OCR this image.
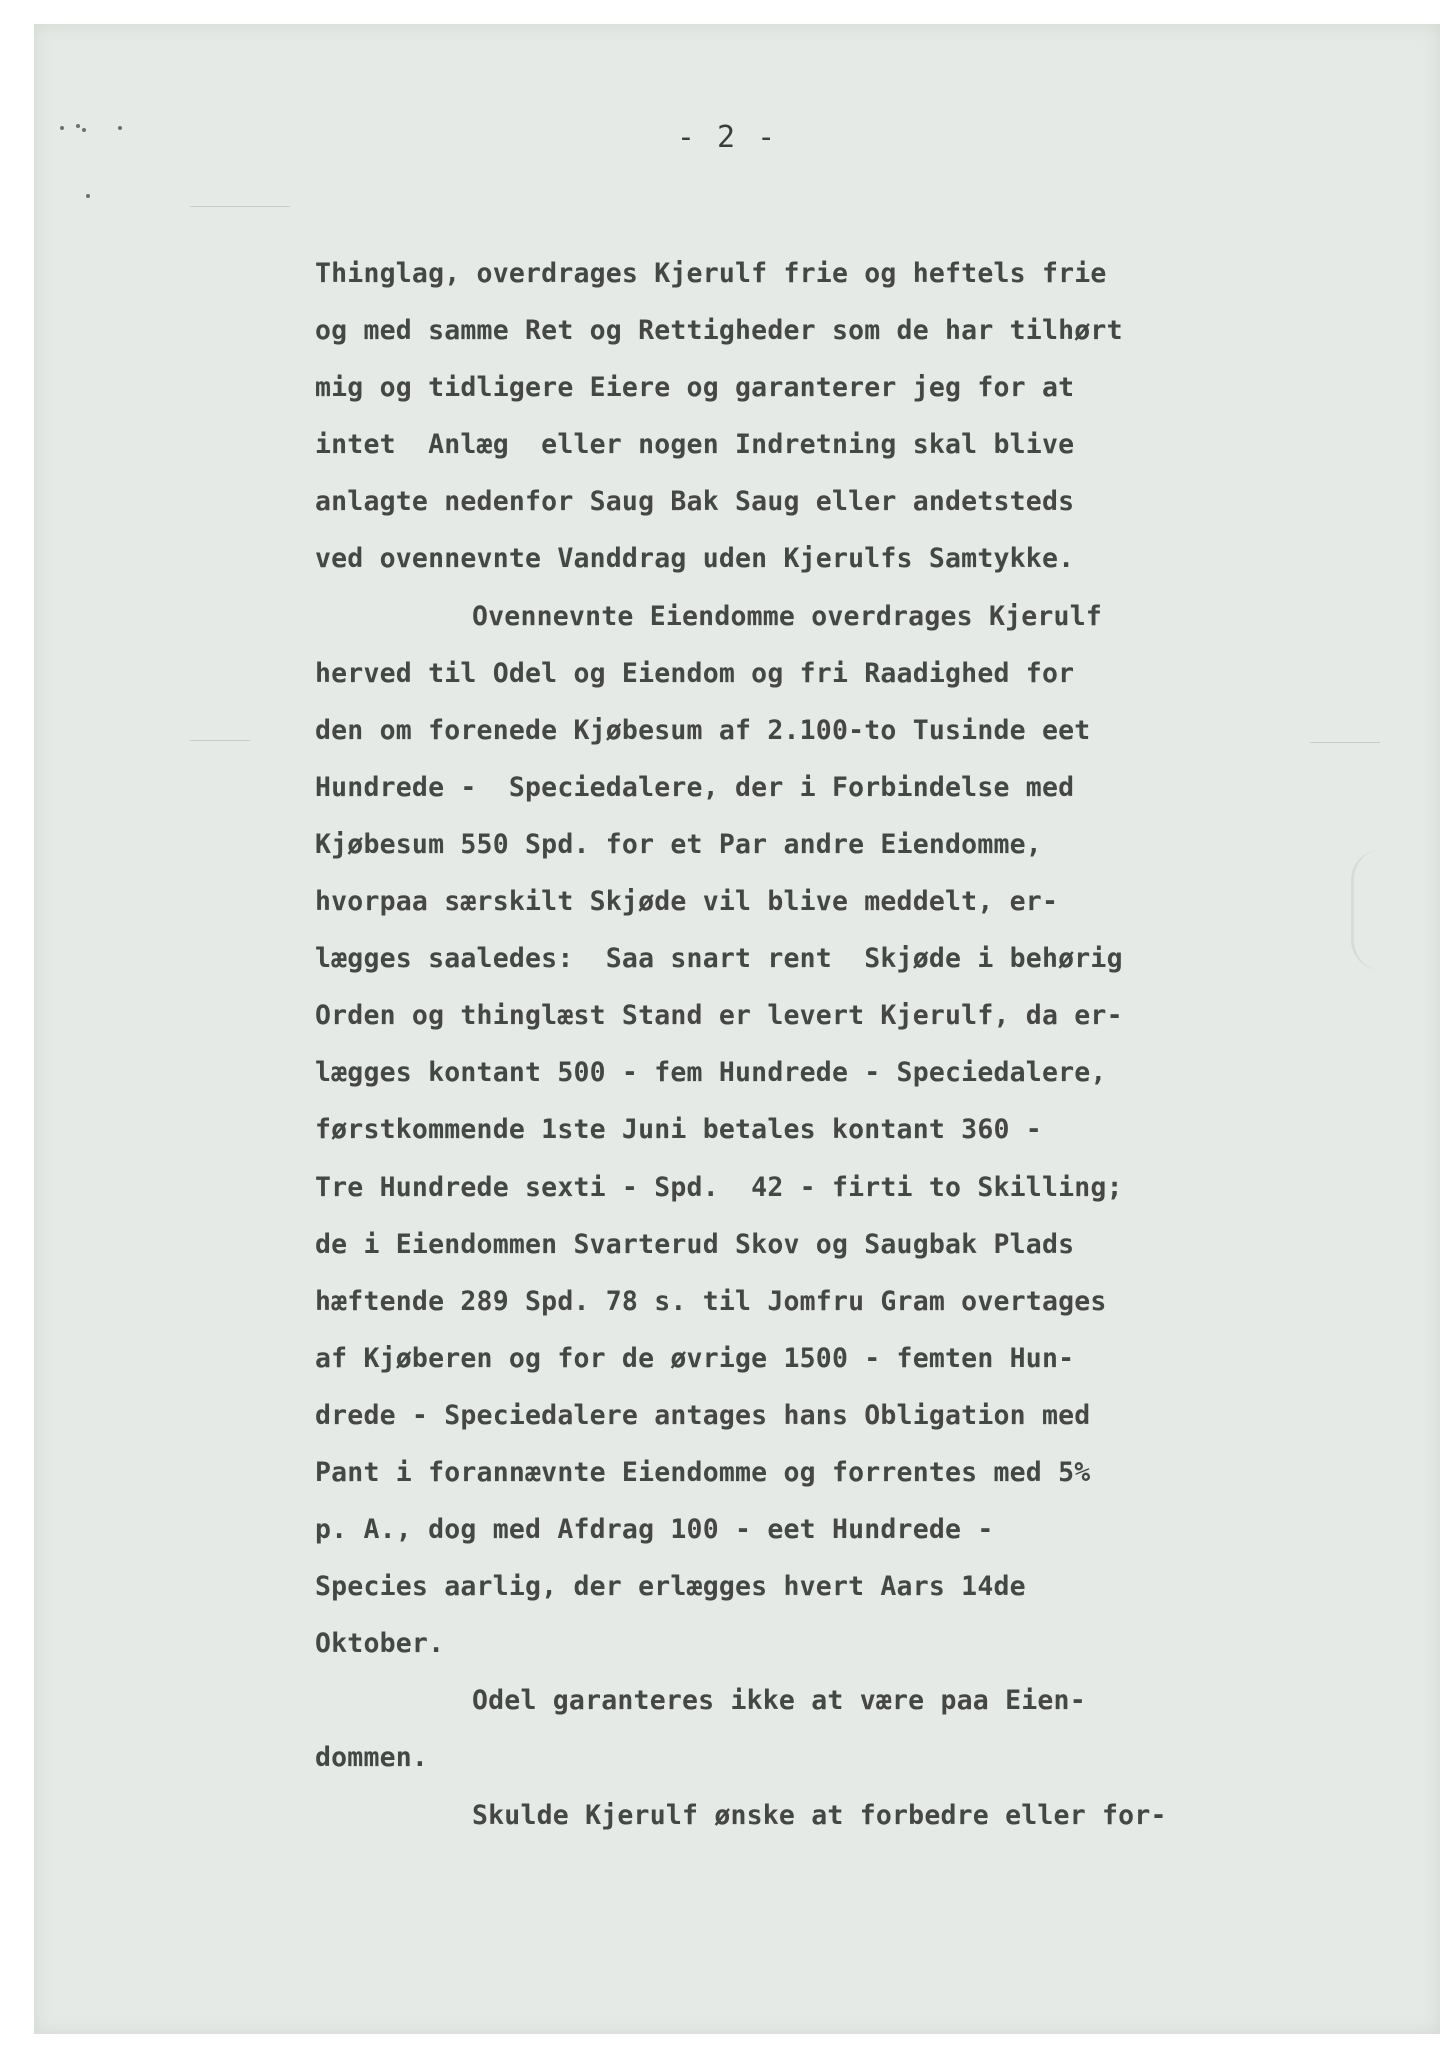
- 2 -
Thinglag, overdrages Kjerulf frie og heftels frie
og med samme Ret og Rettigheder som de har tilhørt
mig og tidligere Eiere og garanterer jeg for at
intet  Anlæg  eller nogen Indretning skal blive
anlagte nedenfor Saug Bak Saug eller andetsteds
ved ovennevnte Vanddrag uden Kjerulfs Samtykke.
Ovennevnte Eiendomme overdrages Kjerulf
herved til Odel og Eiendom og fri Raadighed for
den om forenede Kjøbesum af 2.100-to Tusinde eet
Hundrede -  Speciedalere, der i Forbindelse med
Kjøbesum 550 Spd. for et Par andre Eiendomme,
hvorpaa særskilt Skjøde vil blive meddelt, er-
lægges saaledes:  Saa snart rent  Skjøde i behørig
Orden og thinglæst Stand er levert Kjerulf, da er-
lægges kontant 500 - fem Hundrede - Speciedalere,
førstkommende 1ste Juni betales kontant 360 -
Tre Hundrede sexti - Spd.  42 - firti to Skilling;
de i Eiendommen Svarterud Skov og Saugbak Plads
hæftende 289 Spd. 78 s. til Jomfru Gram overtages
af Kjøberen og for de øvrige 1500 - femten Hun-
drede - Speciedalere antages hans Obligation med
Pant i forannævnte Eiendomme og forrentes med 5%
p. A., dog med Afdrag 100 - eet Hundrede -
Species aarlig, der erlægges hvert Aars 14de
Oktober.
Odel garanteres ikke at være paa Eien-
dommen.
Skulde Kjerulf ønske at forbedre eller for-
